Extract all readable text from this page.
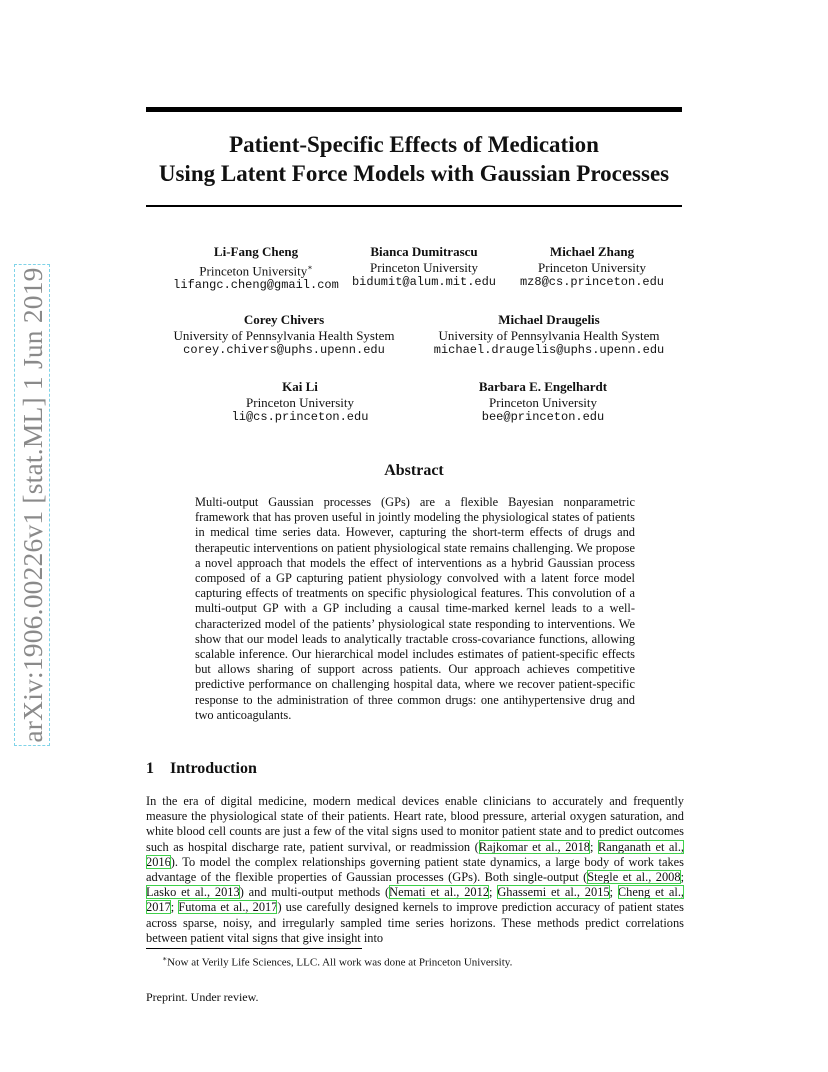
arXiv:1906.00226v1 [stat.ML] 1 Jun 2019
Patient-Specific Effects of Medication
Using Latent Force Models with Gaussian Processes
Li-Fang Cheng
Princeton University∗
lifangc.cheng@gmail.com
Bianca Dumitrascu
Princeton University
bidumit@alum.mit.edu
Michael Zhang
Princeton University
mz8@cs.princeton.edu
Corey Chivers
University of Pennsylvania Health System
corey.chivers@uphs.upenn.edu
Michael Draugelis
University of Pennsylvania Health System
michael.draugelis@uphs.upenn.edu
Kai Li
Princeton University
li@cs.princeton.edu
Barbara E. Engelhardt
Princeton University
bee@princeton.edu
Abstract
Multi-output Gaussian processes (GPs) are a flexible Bayesian nonparametric framework that has proven useful in jointly modeling the physiological states of patients in medical time series data. However, capturing the short-term effects of drugs and therapeutic interventions on patient physiological state remains challenging. We propose a novel approach that models the effect of interventions as a hybrid Gaussian process composed of a GP capturing patient physiology convolved with a latent force model capturing effects of treatments on specific physiological features. This convolution of a multi-output GP with a GP including a causal time-marked kernel leads to a well-characterized model of the patients’ physiological state responding to interventions. We show that our model leads to analytically tractable cross-covariance functions, allowing scalable inference. Our hierarchical model includes estimates of patient-specific effects but allows sharing of support across patients. Our approach achieves competitive predictive performance on challenging hospital data, where we recover patient-specific response to the administration of three common drugs: one antihypertensive drug and two anticoagulants.
1 Introduction
In the era of digital medicine, modern medical devices enable clinicians to accurately and frequently measure the physiological state of their patients. Heart rate, blood pressure, arterial oxygen saturation, and white blood cell counts are just a few of the vital signs used to monitor patient state and to predict outcomes such as hospital discharge rate, patient survival, or readmission (Rajkomar et al., 2018; Ranganath et al., 2016). To model the complex relationships governing patient state dynamics, a large body of work takes advantage of the flexible properties of Gaussian processes (GPs). Both single-output (Stegle et al., 2008; Lasko et al., 2013) and multi-output methods (Nemati et al., 2012; Ghassemi et al., 2015; Cheng et al., 2017; Futoma et al., 2017) use carefully designed kernels to improve prediction accuracy of patient states across sparse, noisy, and irregularly sampled time series horizons. These methods predict correlations between patient vital signs that give insight into
∗Now at Verily Life Sciences, LLC. All work was done at Princeton University.
Preprint. Under review.
